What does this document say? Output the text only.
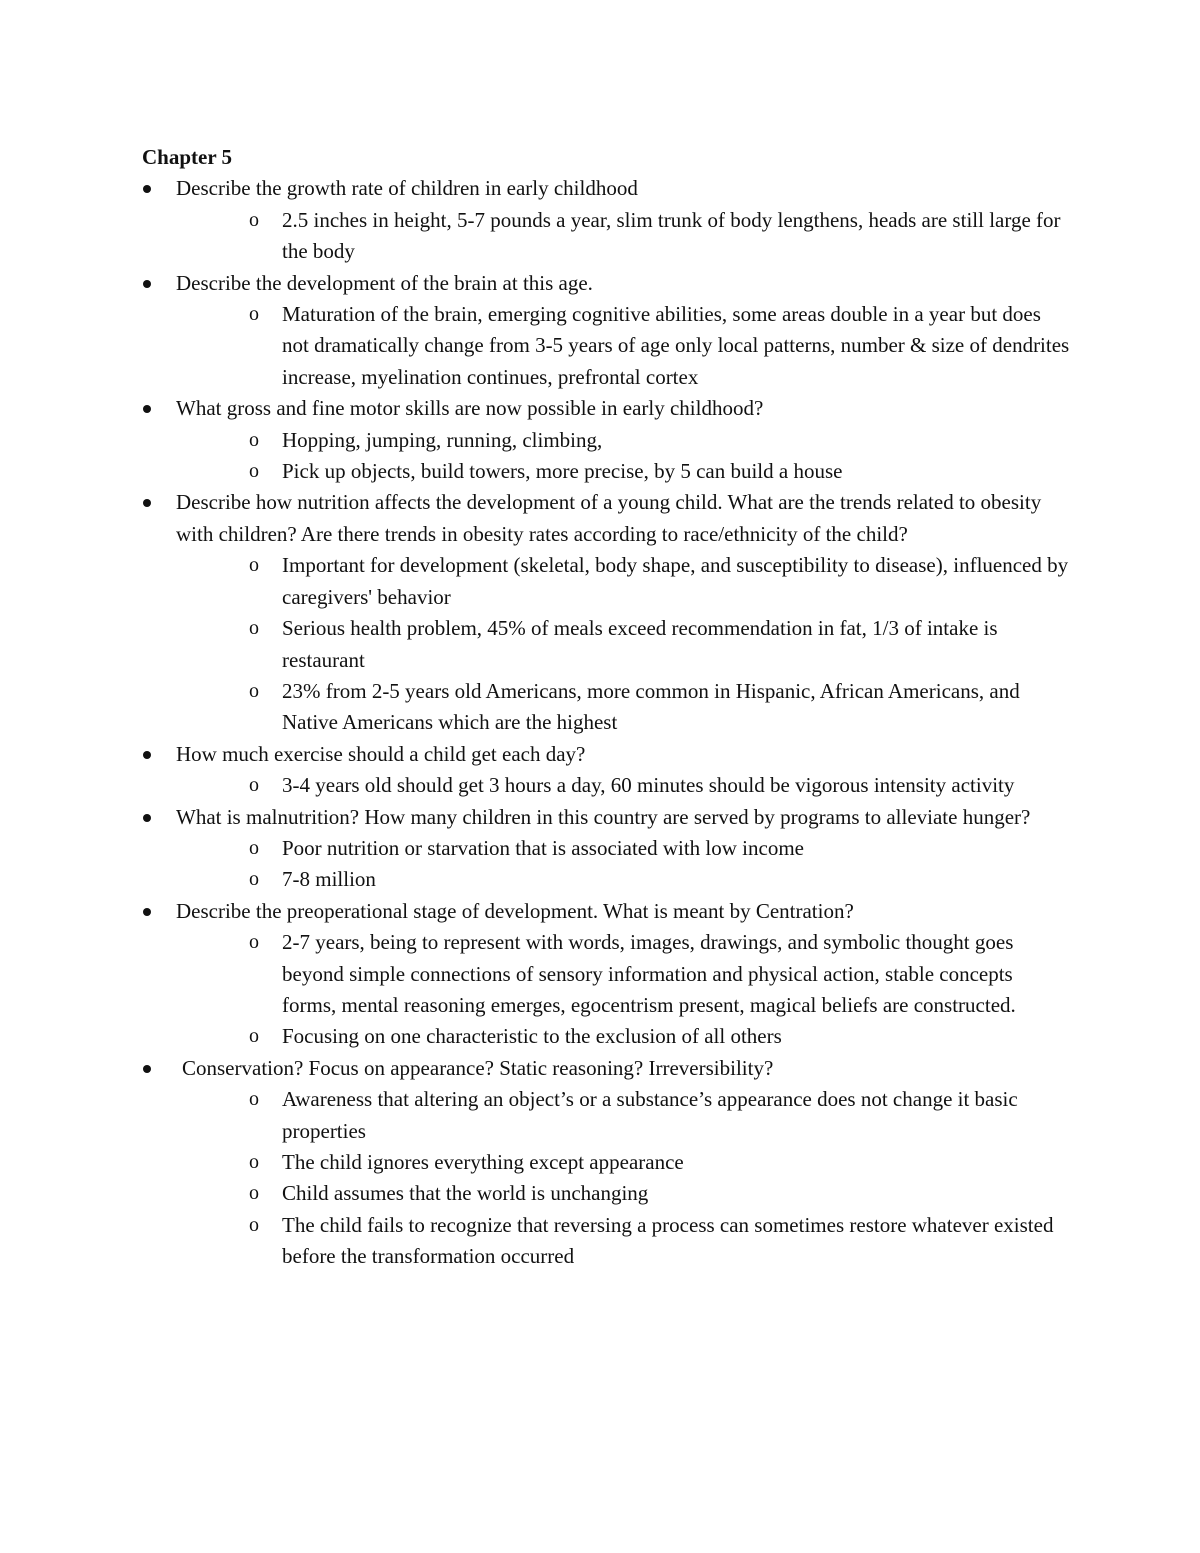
Chapter 5

Describe the growth rate of children in early childhood
o 2.5 inches in height, 5-7 pounds a year, slim trunk of body lengthens, heads are still large for the body
Describe the development of the brain at this age.
o Maturation of the brain, emerging cognitive abilities, some areas double in a year but does not dramatically change from 3-5 years of age only local patterns, number & size of dendrites increase, myelination continues, prefrontal cortex
What gross and fine motor skills are now possible in early childhood?
o Hopping, jumping, running, climbing,
o Pick up objects, build towers, more precise, by 5 can build a house
Describe how nutrition affects the development of a young child. What are the trends related to obesity with children? Are there trends in obesity rates according to race/ethnicity of the child?
o Important for development (skeletal, body shape, and susceptibility to disease), influenced by caregivers' behavior
o Serious health problem, 45% of meals exceed recommendation in fat, 1/3 of intake is restaurant
o 23% from 2-5 years old Americans, more common in Hispanic, African Americans, and Native Americans which are the highest
How much exercise should a child get each day?
o 3-4 years old should get 3 hours a day, 60 minutes should be vigorous intensity activity
What is malnutrition? How many children in this country are served by programs to alleviate hunger?
o Poor nutrition or starvation that is associated with low income
o 7-8 million
Describe the preoperational stage of development. What is meant by Centration?
o 2-7 years, being to represent with words, images, drawings, and symbolic thought goes beyond simple connections of sensory information and physical action, stable concepts forms, mental reasoning emerges, egocentrism present, magical beliefs are constructed.
o Focusing on one characteristic to the exclusion of all others
Conservation? Focus on appearance? Static reasoning? Irreversibility?
o Awareness that altering an object’s or a substance’s appearance does not change it basic properties
o The child ignores everything except appearance
o Child assumes that the world is unchanging
o The child fails to recognize that reversing a process can sometimes restore whatever existed before the transformation occurred
